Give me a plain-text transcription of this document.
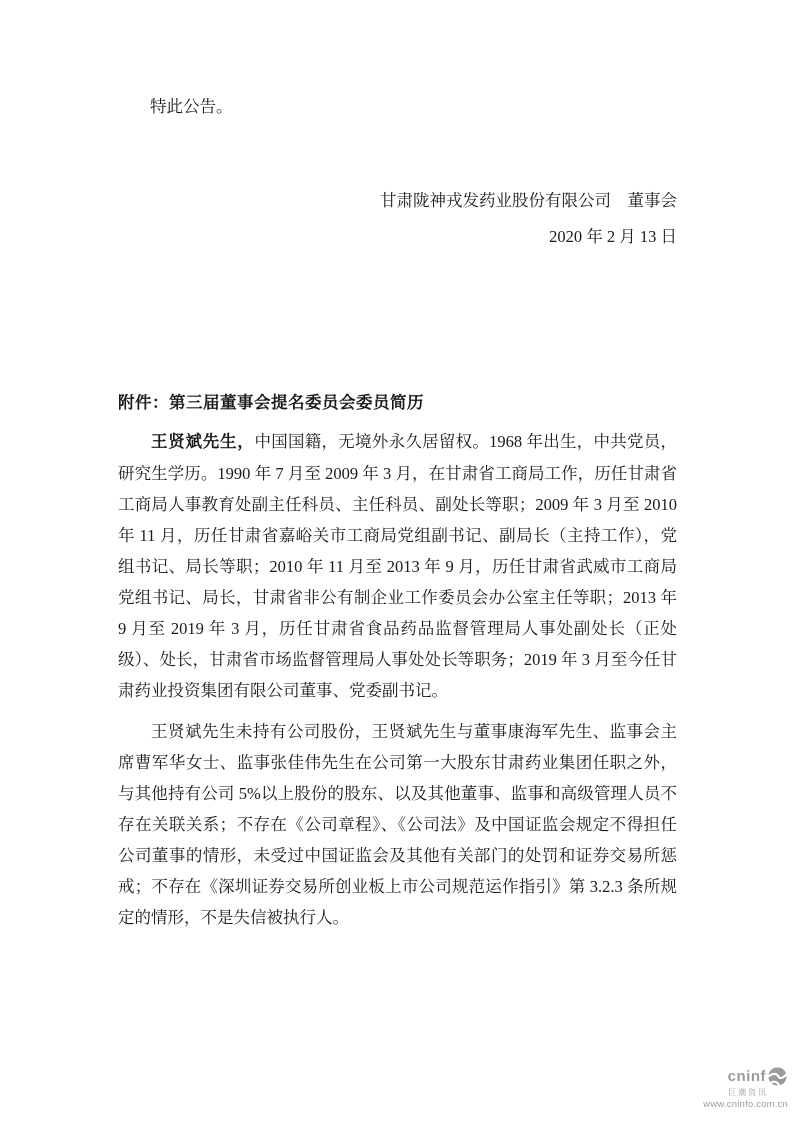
特此公告。

甘肃陇神戎发药业股份有限公司　董事会
2020 年 2 月 13 日
附件：第三届董事会提名委员会委员简历

王贤斌先生，中国国籍，无境外永久居留权。1968 年出生，中共党员，研究生学历。1990 年 7 月至 2009 年 3 月，在甘肃省工商局工作，历任甘肃省工商局人事教育处副主任科员、主任科员、副处长等职；2009 年 3 月至 2010 年 11 月，历任甘肃省嘉峪关市工商局党组副书记、副局长（主持工作），党组书记、局长等职；2010 年 11 月至 2013 年 9 月，历任甘肃省武威市工商局党组书记、局长，甘肃省非公有制企业工作委员会办公室主任等职；2013 年 9 月至 2019 年 3 月，历任甘肃省食品药品监督管理局人事处副处长（正处级）、处长，甘肃省市场监督管理局人事处处长等职务；2019 年 3 月至今任甘肃药业投资集团有限公司董事、党委副书记。

王贤斌先生未持有公司股份，王贤斌先生与董事康海军先生、监事会主席曹军华女士、监事张佳伟先生在公司第一大股东甘肃药业集团任职之外，与其他持有公司 5%以上股份的股东、以及其他董事、监事和高级管理人员不存在关联关系；不存在《公司章程》、《公司法》及中国证监会规定不得担任公司董事的情形，未受过中国证监会及其他有关部门的处罚和证券交易所惩戒；不存在《深圳证券交易所创业板上市公司规范运作指引》第 3.2.3 条所规定的情形，不是失信被执行人。

cninf
巨潮资讯
www.cninfo.com.cn
